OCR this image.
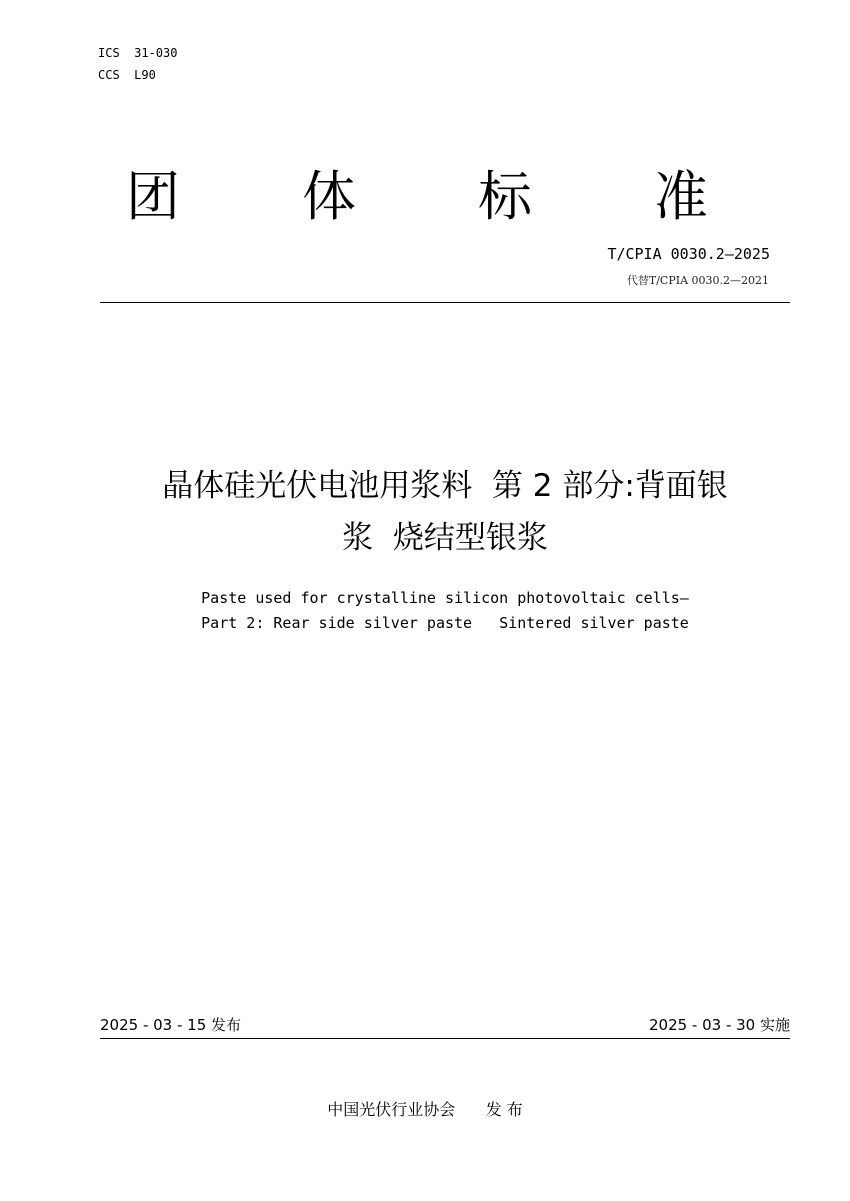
ICS  31-030
CCS  L90
团 体 标 准
T/CPIA 0030.2—2025
代替T/CPIA 0030.2—2021
晶体硅光伏电池用浆料  第 2 部分:背面银
浆  烧结型银浆
Paste used for crystalline silicon photovoltaic cells—
Part 2: Rear side silver paste   Sintered silver paste
2025 - 03 - 15 发布	2025 - 03 - 30 实施
中国光伏行业协会      发 布
